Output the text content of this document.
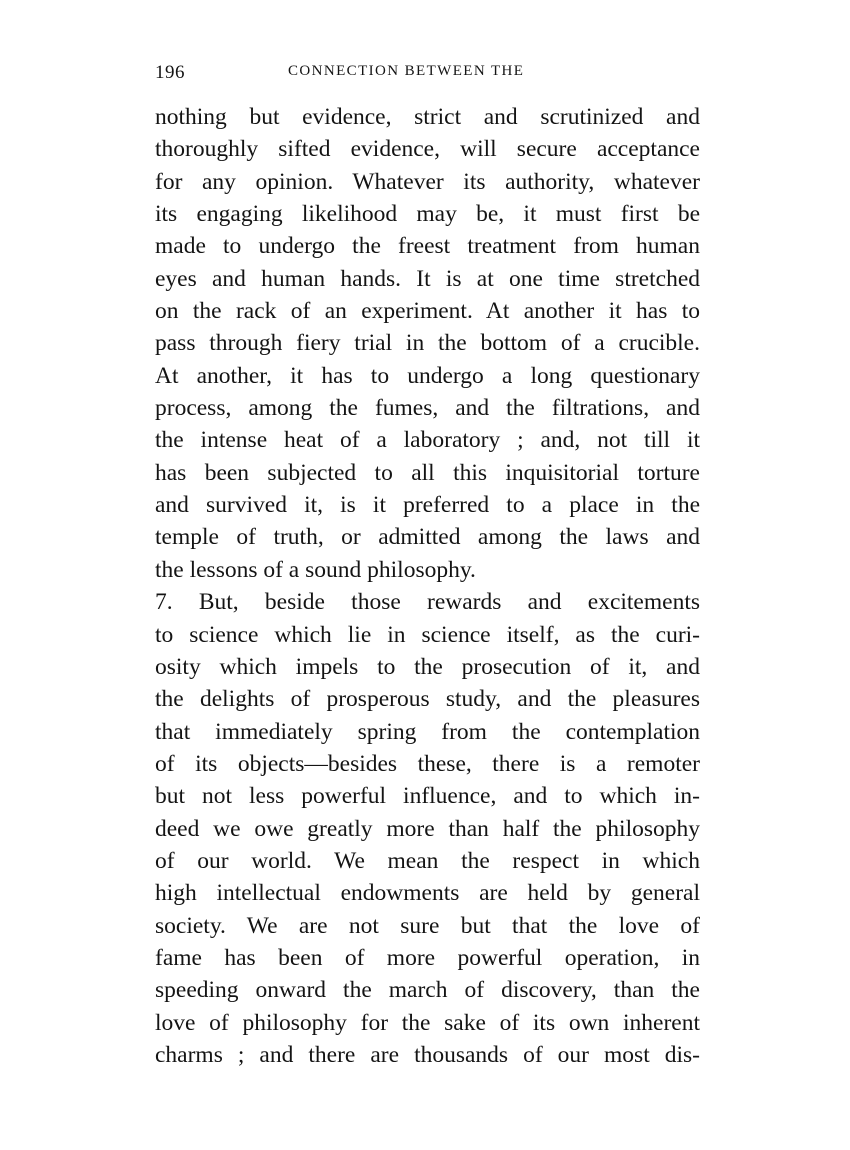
196	CONNECTION BETWEEN THE
nothing but evidence, strict and scrutinized and
thoroughly sifted evidence, will secure acceptance
for any opinion. Whatever its authority, whatever
its engaging likelihood may be, it must first be
made to undergo the freest treatment from human
eyes and human hands. It is at one time stretched
on the rack of an experiment. At another it has to
pass through fiery trial in the bottom of a crucible.
At another, it has to undergo a long questionary
process, among the fumes, and the filtrations, and
the intense heat of a laboratory ; and, not till it
has been subjected to all this inquisitorial torture
and survived it, is it preferred to a place in the
temple of truth, or admitted among the laws and
the lessons of a sound philosophy.
7. But, beside those rewards and excitements
to science which lie in science itself, as the curi-
osity which impels to the prosecution of it, and
the delights of prosperous study, and the pleasures
that immediately spring from the contemplation
of its objects—besides these, there is a remoter
but not less powerful influence, and to which in-
deed we owe greatly more than half the philosophy
of our world. We mean the respect in which
high intellectual endowments are held by general
society. We are not sure but that the love of
fame has been of more powerful operation, in
speeding onward the march of discovery, than the
love of philosophy for the sake of its own inherent
charms ; and there are thousands of our most dis-
